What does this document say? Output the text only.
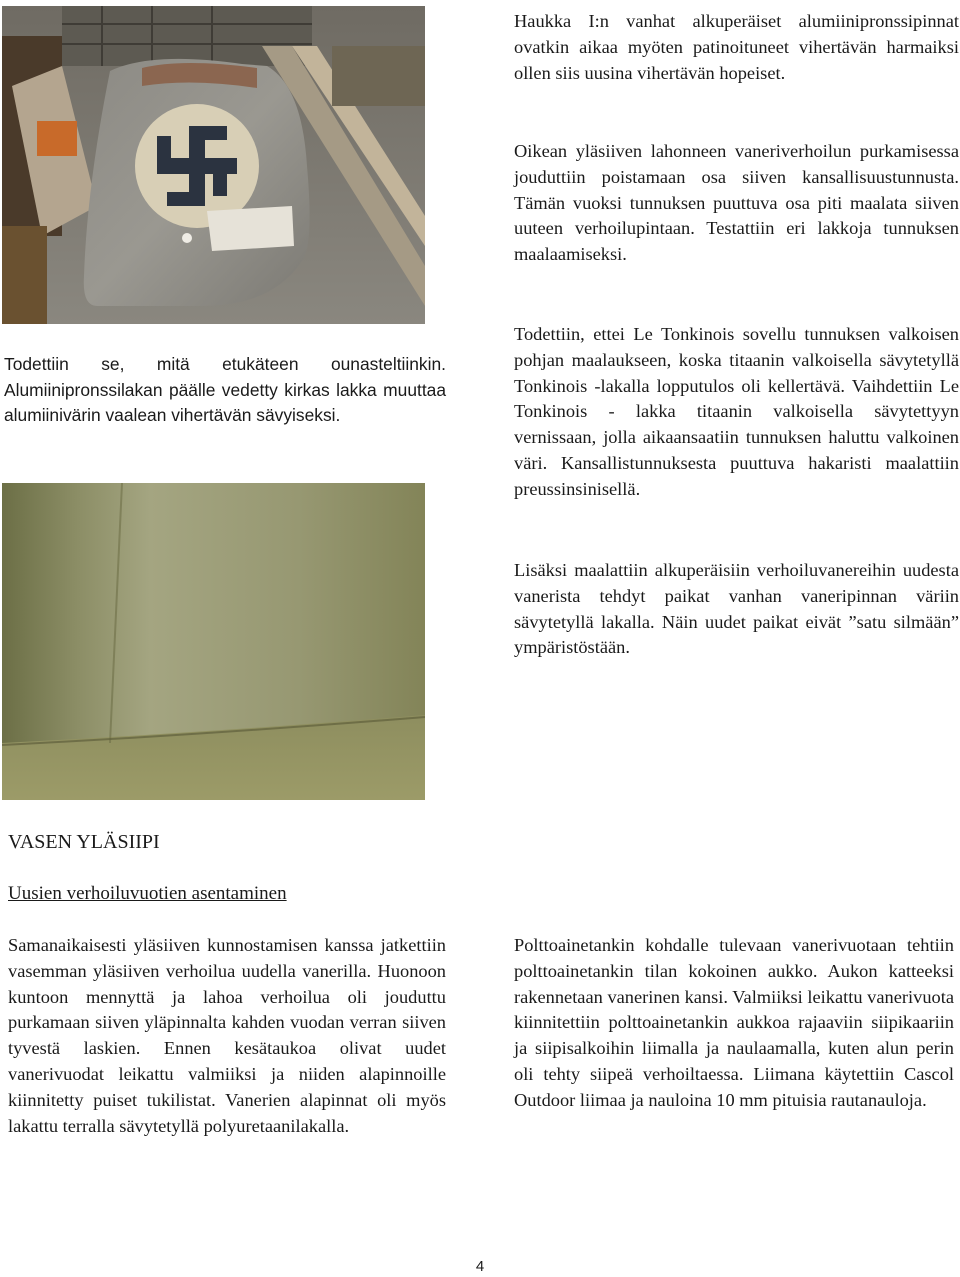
Haukka I:n vanhat alkuperäiset alumiinipronssipinnat ovatkin aikaa myöten patinoituneet vihertävän harmaiksi ollen siis uusina vihertävän hopeiset.

Oikean yläsiiven lahonneen vaneriverhoilun purkamisessa jouduttiin poistamaan osa siiven kansallisuustunnusta. Tämän vuoksi tunnuksen puuttuva osa piti maalata siiven uuteen verhoilupintaan. Testattiin eri lakkoja tunnuksen maalaamiseksi.

Todettiin, ettei Le Tonkinois sovellu tunnuksen valkoisen pohjan maalaukseen, koska titaanin valkoisella sävytetyllä Tonkinois -lakalla lopputulos oli kellertävä. Vaihdettiin Le Tonkinois - lakka titaanin valkoisella sävytettyyn vernissaan, jolla aikaansaatiin tunnuksen haluttu valkoinen väri. Kansallistunnuksesta puuttuva hakaristi maalattiin preussinsinisellä.

Lisäksi maalattiin alkuperäisiin verhoiluvanereihin uudesta vanerista tehdyt paikat vanhan vaneripinnan väriin sävytetyllä lakalla. Näin uudet paikat eivät ”satu silmään” ympäristöstään.

Todettiin se, mitä etukäteen ounasteltiinkin. Alumiinipronssilakan päälle vedetty kirkas lakka muuttaa alumiinivärin vaalean vihertävän sävyiseksi.

VASEN YLÄSIIPI
Uusien verhoiluvuotien asentaminen

Samanaikaisesti yläsiiven kunnostamisen kanssa jatkettiin vasemman yläsiiven verhoilua uudella vanerilla. Huonoon kuntoon mennyttä ja lahoa verhoilua oli jouduttu purkamaan siiven yläpinnalta kahden vuodan verran siiven tyvestä laskien. Ennen kesätaukoa olivat uudet vanerivuodat leikattu valmiiksi ja niiden alapinnoille kiinnitetty puiset tukilistat. Vanerien alapinnat oli myös lakattu terralla sävytetyllä polyuretaanilakalla.

Polttoainetankin kohdalle tulevaan vanerivuotaan tehtiin polttoainetankin tilan kokoinen aukko. Aukon katteeksi rakennetaan vanerinen kansi. Valmiiksi leikattu vanerivuota kiinnitettiin polttoainetankin aukkoa rajaaviin siipikaariin ja siipisalkoihin liimalla ja naulaamalla, kuten alun perin oli tehty siipeä verhoiltaessa. Liimana käytettiin Cascol Outdoor liimaa ja nauloina 10 mm pituisia rautanauloja.

4
